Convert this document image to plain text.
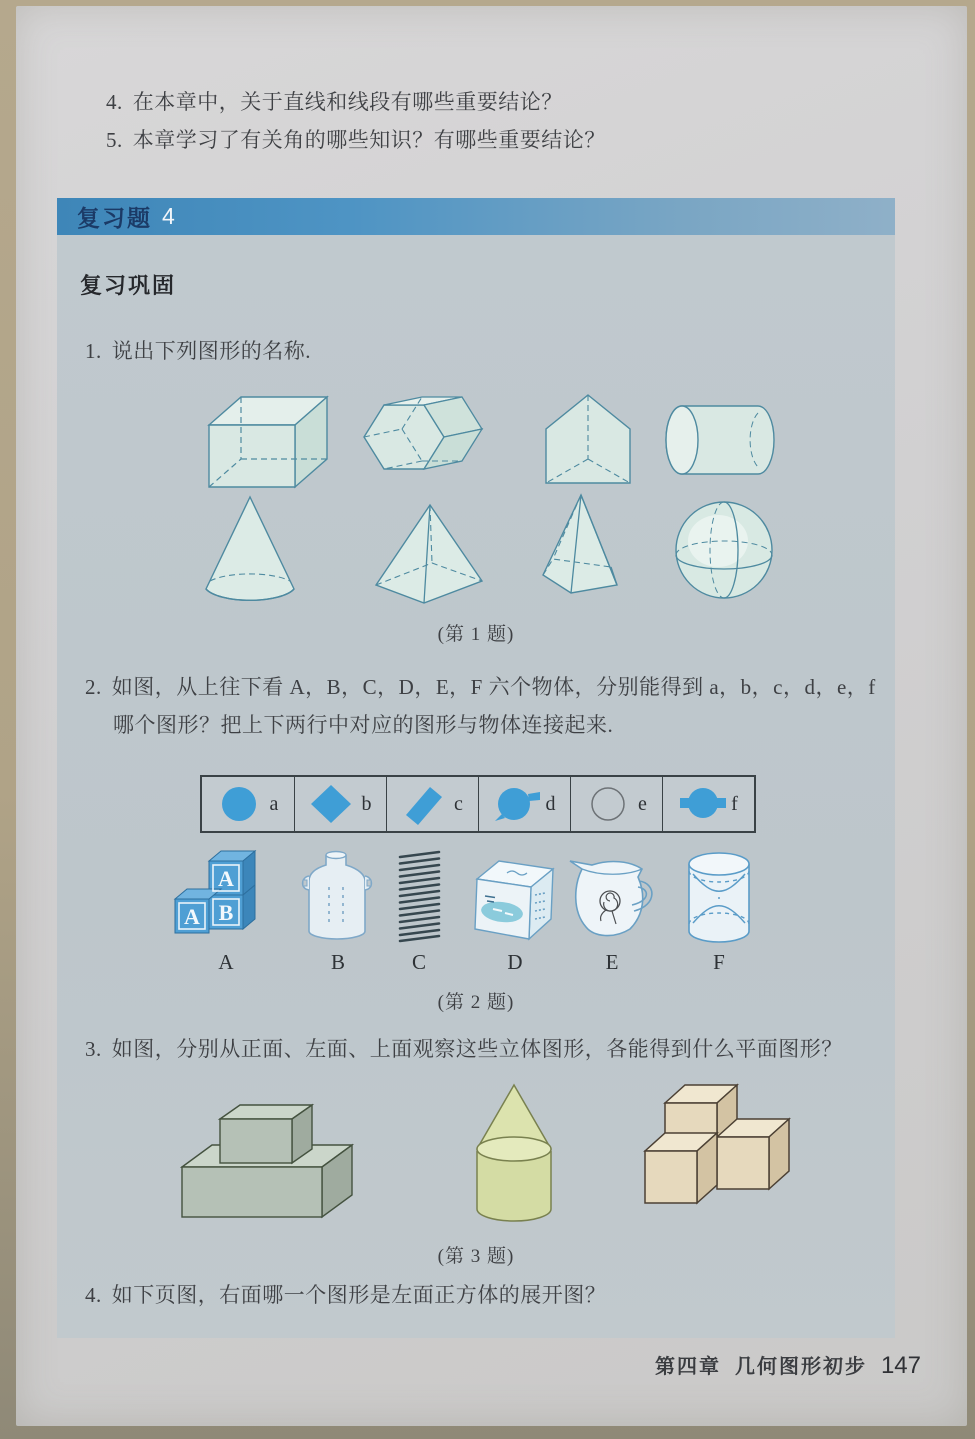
4. 在本章中，关于直线和线段有哪些重要结论？
5. 本章学习了有关角的哪些知识？有哪些重要结论？
复习题 4
复习巩固
1. 说出下列图形的名称.
(第 1 题)
2. 如图，从上往下看 A，B，C，D，E，F 六个物体，分别能得到 a，b，c，d，e，f
哪个图形？把上下两行中对应的图形与物体连接起来.
a	b	c	d	e	f
A
B
A
A	B	C	D	E	F
(第 2 题)
3. 如图，分别从正面、左面、上面观察这些立体图形，各能得到什么平面图形？
(第 3 题)
4. 如下页图，右面哪一个图形是左面正方体的展开图？
第四章 几何图形初步 147
